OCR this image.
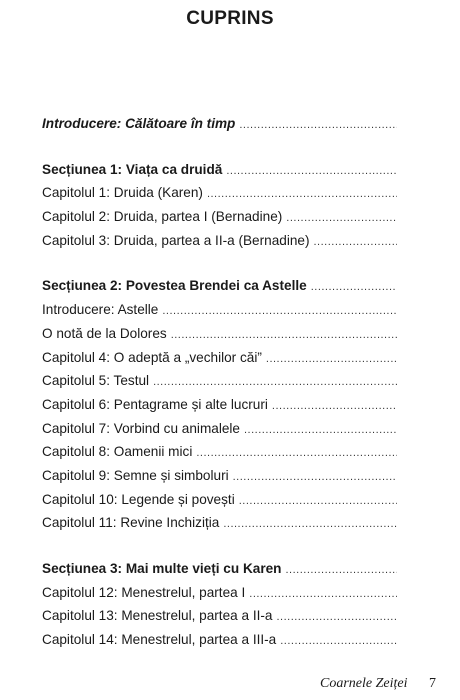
CUPRINS
Introducere: Călătoare în timp
.....
Secțiunea 1: Viața ca druidă
.....
Capitolul 1: Druida (Karen)
.....
Capitolul 2: Druida, partea I (Bernadine)
.....
Capitolul 3: Druida, partea a II-a (Bernadine)
.....
Secțiunea 2: Povestea Brendei ca Astelle
.....
Introducere: Astelle
.....
O notă de la Dolores
.....
Capitolul 4: O adeptă a „vechilor căi”
.....
Capitolul 5: Testul
.....
Capitolul 6: Pentagrame și alte lucruri
.....
Capitolul 7: Vorbind cu animalele
.....
Capitolul 8: Oamenii mici
.....
Capitolul 9: Semne și simboluri
.....
Capitolul 10: Legende și povești
.....
Capitolul 11: Revine Inchiziția
.....
Secțiunea 3: Mai multe vieți cu Karen
.....
Capitolul 12: Menestrelul, partea I
.....
Capitolul 13: Menestrelul, partea a II-a
.....
Capitolul 14: Menestrelul, partea a III-a
.....
Coarnele Zeiței 7
